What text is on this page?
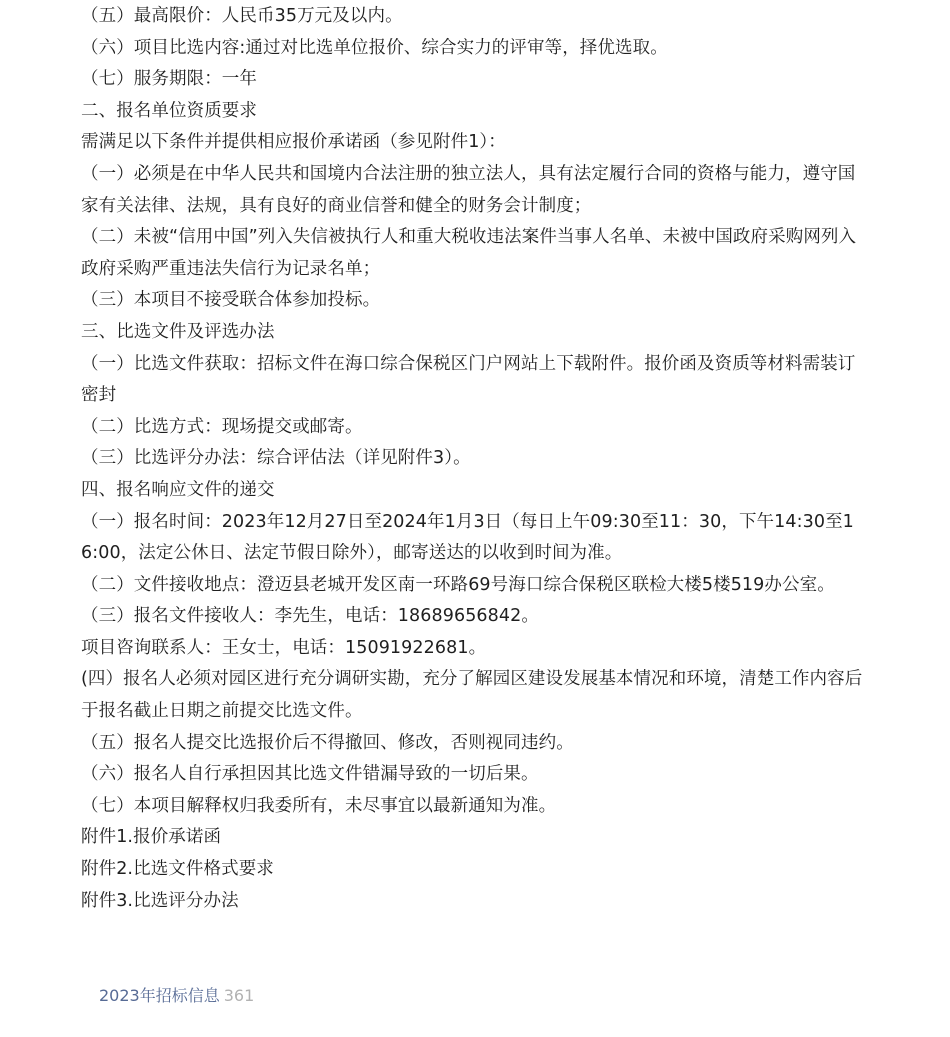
（五）最高限价：人民币35万元及以内。

（六）项目比选内容:通过对比选单位报价、综合实力的评审等，择优选取。

（七）服务期限：一年

二、报名单位资质要求

需满足以下条件并提供相应报价承诺函（参见附件1）：

（一）必须是在中华人民共和国境内合法注册的独立法人，具有法定履行合同的资格与能力，遵守国家有关法律、法规，具有良好的商业信誉和健全的财务会计制度；

（二）未被“信用中国”列入失信被执行人和重大税收违法案件当事人名单、未被中国政府采购网列入政府采购严重违法失信行为记录名单；

（三）本项目不接受联合体参加投标。

三、比选文件及评选办法

（一）比选文件获取：招标文件在海口综合保税区门户网站上下载附件。报价函及资质等材料需装订密封

（二）比选方式：现场提交或邮寄。

（三）比选评分办法：综合评估法（详见附件3）。

四、报名响应文件的递交

（一）报名时间：2023年12月27日至2024年1月3日（每日上午09:30至11：30，下午14:30至16:00，法定公休日、法定节假日除外），邮寄送达的以收到时间为准。

（二）文件接收地点：澄迈县老城开发区南一环路69号海口综合保税区联检大楼5楼519办公室。

（三）报名文件接收人：李先生，电话：18689656842。

项目咨询联系人：王女士，电话：15091922681。

(四）报名人必须对园区进行充分调研实勘，充分了解园区建设发展基本情况和环境，清楚工作内容后于报名截止日期之前提交比选文件。

（五）报名人提交比选报价后不得撤回、修改，否则视同违约。

（六）报名人自行承担因其比选文件错漏导致的一切后果。

（七）本项目解释权归我委所有，未尽事宜以最新通知为准。

附件1.报价承诺函

附件2.比选文件格式要求

附件3.比选评分办法

2023年招标信息 361
